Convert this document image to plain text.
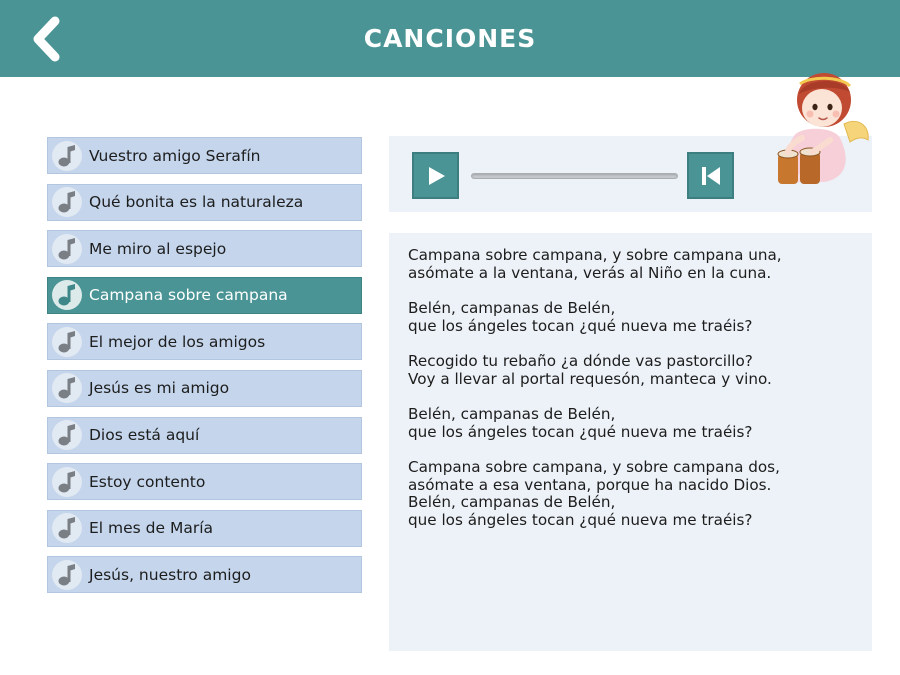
CANCIONES
Vuestro amigo Serafín
Qué bonita es la naturaleza
Me miro al espejo
Campana sobre campana
El mejor de los amigos
Jesús es mi amigo
Dios está aquí
Estoy contento
El mes de María
Jesús, nuestro amigo
Campana sobre campana, y sobre campana una,
asómate a la ventana, verás al Niño en la cuna.
Belén, campanas de Belén,
que los ángeles tocan ¿qué nueva me traéis?
Recogido tu rebaño ¿a dónde vas pastorcillo?
Voy a llevar al portal requesón, manteca y vino.
Belén, campanas de Belén,
que los ángeles tocan ¿qué nueva me traéis?
Campana sobre campana, y sobre campana dos,
asómate a esa ventana, porque ha nacido Dios.
Belén, campanas de Belén,
que los ángeles tocan ¿qué nueva me traéis?
